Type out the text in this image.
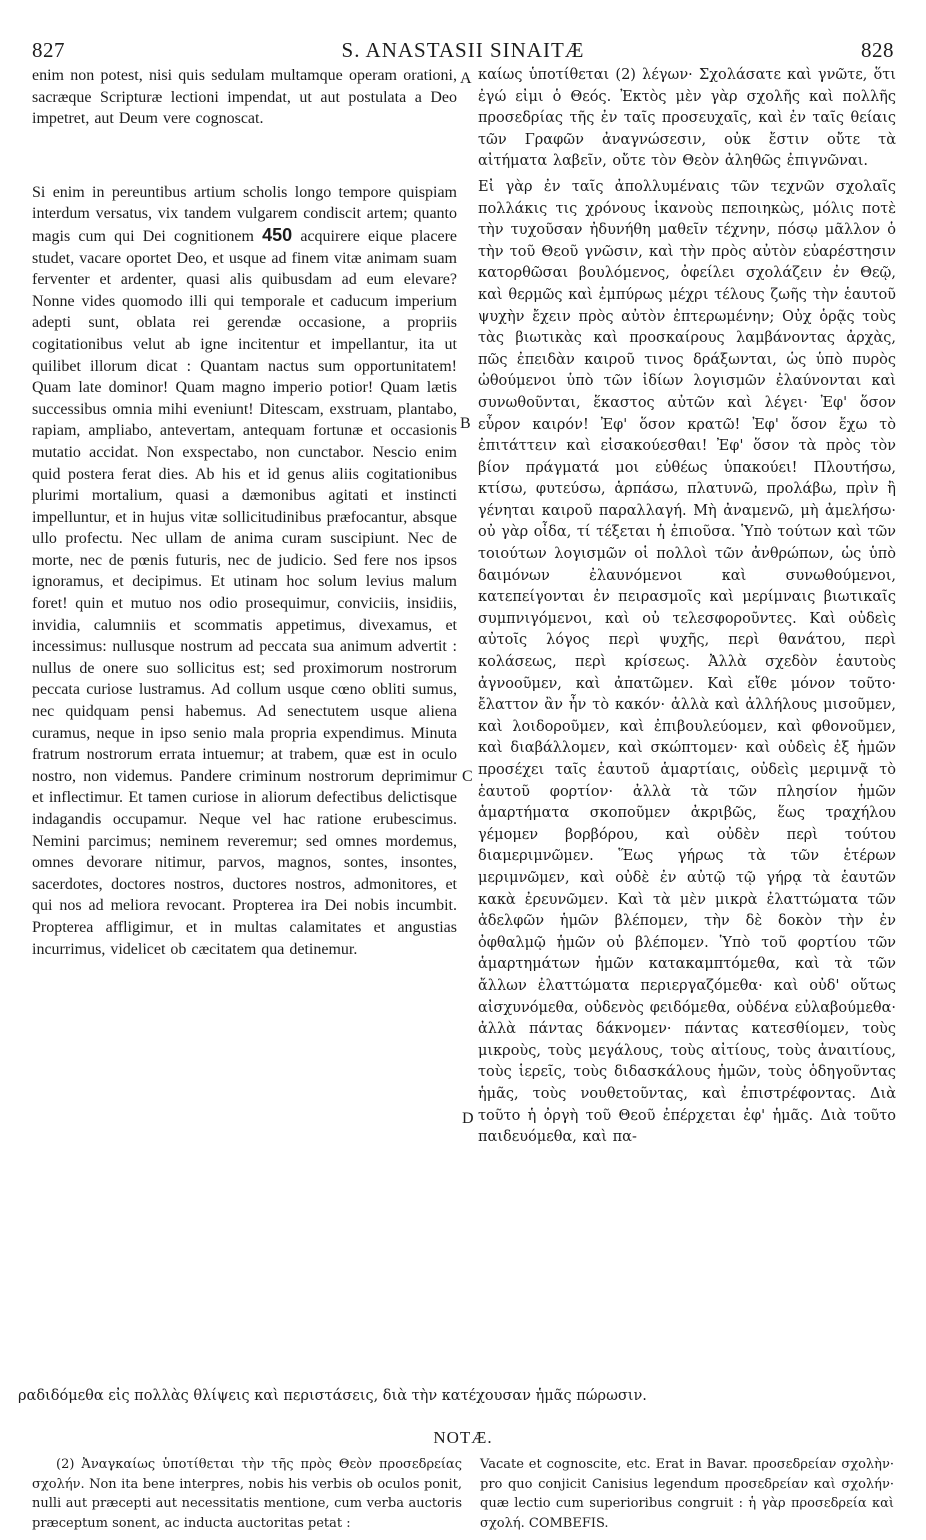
827	S. ANASTASII SINAITÆ	828

enim non potest, nisi quis sedulam multamque operam orationi, sacræque Scripturæ lectioni impendat, ut aut postulata a Deo impetret, aut Deum vere cognoscat.

Si enim in pereuntibus artium scholis longo tempore quispiam interdum versatus, vix tandem vulgarem condiscit artem; quanto magis cum qui Dei cognitionem 450 acquirere eique placere studet, vacare oportet Deo, et usque ad finem vitæ animam suam ferventer et ardenter, quasi alis quibusdam ad eum elevare? Nonne vides quomodo illi qui temporale et caducum imperium adepti sunt, oblata rei gerendæ occasione, a propriis cogitationibus velut ab igne incitentur et impellantur, ita ut quilibet illorum dicat : Quantam nactus sum opportunitatem! Quam late dominor! Quam magno imperio potior! Quam lætis successibus omnia mihi eveniunt! Ditescam, exstruam, plantabo, rapiam, ampliabo, antevertam, antequam fortunæ et occasionis mutatio accidat. Non exspectabo, non cunctabor. Nescio enim quid postera ferat dies. Ab his et id genus aliis cogitationibus plurimi mortalium, quasi a dæmonibus agitati et instincti impelluntur, et in hujus vitæ sollicitudinibus præfocantur, absque ullo profectu. Nec ullam de anima curam suscipiunt. Nec de morte, nec de pœnis futuris, nec de judicio. Sed fere nos ipsos ignoramus, et decipimus. Et utinam hoc solum levius malum foret! quin et mutuo nos odio prosequimur, conviciis, insidiis, invidia, calumniis et scommatis appetimus, divexamus, et incessimus: nullusque nostrum ad peccata sua animum advertit : nullus de onere suo sollicitus est; sed proximorum nostrorum peccata curiose lustramus. Ad collum usque cœno obliti sumus, nec quidquam pensi habemus. Ad senectutem usque aliena curamus, neque in ipso senio mala propria expendimus. Minuta fratrum nostrorum errata intuemur; at trabem, quæ est in oculo nostro, non videmus. Pandere criminum nostrorum deprimimur et inflectimur. Et tamen curiose in aliorum defectibus delictisque indagandis occupamur. Neque vel hac ratione erubescimus. Nemini parcimus; neminem reveremur; sed omnes mordemus, omnes devorare nitimur, parvos, magnos, sontes, insontes, sacerdotes, doctores nostros, ductores nostros, admonitores, et qui nos ad meliora revocant. Propterea ira Dei nobis incumbit. Propterea affligimur, et in multas calamitates et angustias incurrimus, videlicet ob cæcitatem qua detinemur.

A
B
C
D

καίως ὑποτίθεται (2) λέγων· Σχολάσατε καὶ γνῶτε, ὅτι ἐγώ εἰμι ὁ Θεός. Ἐκτὸς μὲν γὰρ σχολῆς καὶ πολλῆς προσεδρίας τῆς ἐν ταῖς προσευχαῖς, καὶ ἐν ταῖς θείαις τῶν Γραφῶν ἀναγνώσεσιν, οὐκ ἔστιν οὔτε τὰ αἰτήματα λαβεῖν, οὔτε τὸν Θεὸν ἀληθῶς ἐπιγνῶναι.

Εἰ γὰρ ἐν ταῖς ἀπολλυμέναις τῶν τεχνῶν σχολαῖς πολλάκις τις χρόνους ἱκανοὺς πεποιηκὼς, μόλις ποτὲ τὴν τυχοῦσαν ἠδυνήθη μαθεῖν τέχνην, πόσῳ μᾶλλον ὁ τὴν τοῦ Θεοῦ γνῶσιν, καὶ τὴν πρὸς αὐτὸν εὐαρέστησιν κατορθῶσαι βουλόμενος, ὀφείλει σχολάζειν ἐν Θεῷ, καὶ θερμῶς καὶ ἐμπύρως μέχρι τέλους ζωῆς τὴν ἑαυτοῦ ψυχὴν ἔχειν πρὸς αὐτὸν ἐπτερωμένην; Οὐχ ὁρᾷς τοὺς τὰς βιωτικὰς καὶ προσκαίρους λαμβάνοντας ἀρχὰς, πῶς ἐπειδὰν καιροῦ τινος δράξωνται, ὡς ὑπὸ πυρὸς ὠθούμενοι ὑπὸ τῶν ἰδίων λογισμῶν ἐλαύνονται καὶ συνωθοῦνται, ἕκαστος αὐτῶν καὶ λέγει· Ἐφ' ὅσον εὗρον καιρόν! Ἐφ' ὅσον κρατῶ! Ἐφ' ὅσον ἔχω τὸ ἐπιτάττειν καὶ εἰσακούεσθαι! Ἐφ' ὅσον τὰ πρὸς τὸν βίον πράγματά μοι εὐθέως ὑπακούει! Πλουτήσω, κτίσω, φυτεύσω, ἁρπάσω, πλατυνῶ, προλάβω, πρὶν ἢ γένηται καιροῦ παραλλαγή. Μὴ ἀναμενῶ, μὴ ἀμελήσω· οὐ γὰρ οἶδα, τί τέξεται ἡ ἐπιοῦσα. Ὑπὸ τούτων καὶ τῶν τοιούτων λογισμῶν οἱ πολλοὶ τῶν ἀνθρώπων, ὡς ὑπὸ δαιμόνων ἐλαυνόμενοι καὶ συνωθούμενοι, κατεπείγονται ἐν πειρασμοῖς καὶ μερίμναις βιωτικαῖς συμπνιγόμενοι, καὶ οὐ τελεσφοροῦντες. Καὶ οὐδεὶς αὐτοῖς λόγος περὶ ψυχῆς, περὶ θανάτου, περὶ κολάσεως, περὶ κρίσεως. Ἀλλὰ σχεδὸν ἑαυτοὺς ἀγνοοῦμεν, καὶ ἀπατῶμεν. Καὶ εἴθε μόνον τοῦτο· ἔλαττον ἂν ἦν τὸ κακόν· ἀλλὰ καὶ ἀλλήλους μισοῦμεν, καὶ λοιδοροῦμεν, καὶ ἐπιβουλεύομεν, καὶ φθονοῦμεν, καὶ διαβάλλομεν, καὶ σκώπτομεν· καὶ οὐδεὶς ἐξ ἡμῶν προσέχει ταῖς ἑαυτοῦ ἁμαρτίαις, οὐδεὶς μεριμνᾷ τὸ ἑαυτοῦ φορτίον· ἀλλὰ τὰ τῶν πλησίον ἡμῶν ἁμαρτήματα σκοποῦμεν ἀκριβῶς, ἕως τραχήλου γέμομεν βορβόρου, καὶ οὐδὲν περὶ τούτου διαμεριμνῶμεν. Ἕως γήρως τὰ τῶν ἑτέρων μεριμνῶμεν, καὶ οὐδὲ ἐν αὐτῷ τῷ γήρᾳ τὰ ἑαυτῶν κακὰ ἐρευνῶμεν. Καὶ τὰ μὲν μικρὰ ἐλαττώματα τῶν ἀδελφῶν ἡμῶν βλέπομεν, τὴν δὲ δοκὸν τὴν ἐν ὀφθαλμῷ ἡμῶν οὐ βλέπομεν. Ὑπὸ τοῦ φορτίου τῶν ἁμαρτημάτων ἡμῶν κατακαμπτόμεθα, καὶ τὰ τῶν ἄλλων ἐλαττώματα περιεργαζόμεθα· καὶ οὐδ' οὕτως αἰσχυνόμεθα, οὐδενὸς φειδόμεθα, οὐδένα εὐλαβούμεθα· ἀλλὰ πάντας δάκνομεν· πάντας κατεσθίομεν, τοὺς μικροὺς, τοὺς μεγάλους, τοὺς αἰτίους, τοὺς ἀναιτίους, τοὺς ἱερεῖς, τοὺς διδασκάλους ἡμῶν, τοὺς ὁδηγοῦντας ἡμᾶς, τοὺς νουθετοῦντας, καὶ ἐπιστρέφοντας. Διὰ τοῦτο ἡ ὀργὴ τοῦ Θεοῦ ἐπέρχεται ἐφ' ἡμᾶς. Διὰ τοῦτο παιδευόμεθα, καὶ πα-

ραδιδόμεθα εἰς πολλὰς θλίψεις καὶ περιστάσεις, διὰ τὴν κατέχουσαν ἡμᾶς πώρωσιν.

NOTÆ.

(2) Ἀναγκαίως ὑποτίθεται τὴν τῆς πρὸς Θεὸν προσεδρείας σχολήν. Non ita bene interpres, nobis his verbis ob oculos ponit, nulli aut præcepti aut necessitatis mentione, cum verba auctoris præceptum sonent, ac inducta auctoritas petat :

Vacate et cognoscite, etc. Erat in Bavar. προσεδρείαν σχολὴν· pro quo conjicit Canisius legendum προσεδρείαν καὶ σχολήν· quæ lectio cum superioribus congruit : ἡ γὰρ προσεδρεία καὶ σχολή. COMBEFIS.
